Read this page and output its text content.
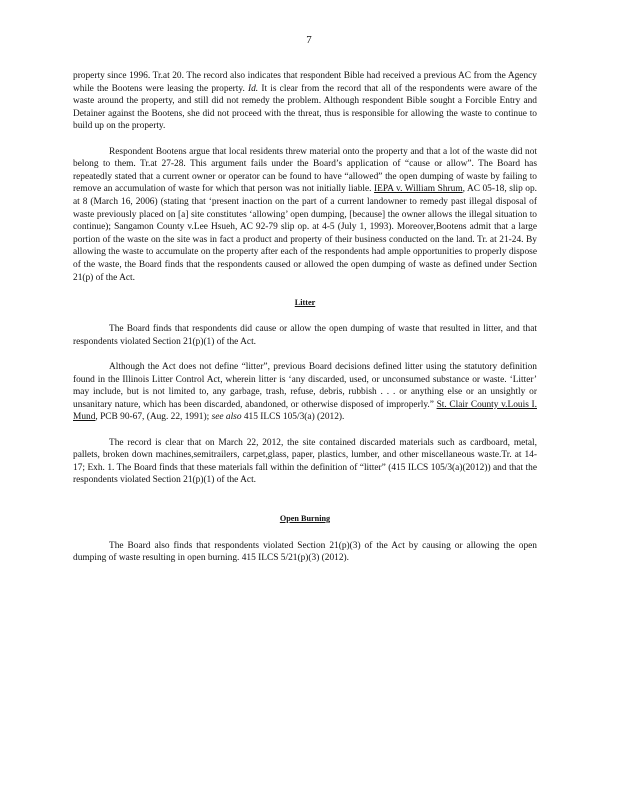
7

property since 1996. Tr.at 20. The record also indicates that respondent Bible had received a previous AC from the Agency while the Bootens were leasing the property. Id. It is clear from the record that all of the respondents were aware of the waste around the property, and still did not remedy the problem. Although respondent Bible sought a Forcible Entry and Detainer against the Bootens, she did not proceed with the threat, thus is responsible for allowing the waste to continue to build up on the property.

Respondent Bootens argue that local residents threw material onto the property and that a lot of the waste did not belong to them. Tr.at 27-28. This argument fails under the Board’s application of “cause or allow”. The Board has repeatedly stated that a current owner or operator can be found to have “allowed” the open dumping of waste by failing to remove an accumulation of waste for which that person was not initially liable. IEPA v. William Shrum, AC 05-18, slip op. at 8 (March 16, 2006) (stating that ‘present inaction on the part of a current landowner to remedy past illegal disposal of waste previously placed on [a] site constitutes ‘allowing’ open dumping, [because] the owner allows the illegal situation to continue); Sangamon County v.Lee Hsueh, AC 92-79 slip op. at 4-5 (July 1, 1993). Moreover,Bootens admit that a large portion of the waste on the site was in fact a product and property of their business conducted on the land. Tr. at 21-24. By allowing the waste to accumulate on the property after each of the respondents had ample opportunities to properly dispose of the waste, the Board finds that the respondents caused or allowed the open dumping of waste as defined under Section 21(p) of the Act.

Litter

The Board finds that respondents did cause or allow the open dumping of waste that resulted in litter, and that respondents violated Section 21(p)(1) of the Act.

Although the Act does not define “litter”, previous Board decisions defined litter using the statutory definition found in the Illinois Litter Control Act, wherein litter is ‘any discarded, used, or unconsumed substance or waste. ‘Litter’ may include, but is not limited to, any garbage, trash, refuse, debris, rubbish . . . or anything else or an unsightly or unsanitary nature, which has been discarded, abandoned, or otherwise disposed of improperly.” St. Clair County v.Louis I. Mund, PCB 90-67, (Aug. 22, 1991); see also 415 ILCS 105/3(a) (2012).

The record is clear that on March 22, 2012, the site contained discarded materials such as cardboard, metal, pallets, broken down machines,semitrailers, carpet,glass, paper, plastics, lumber, and other miscellaneous waste.Tr. at 14-17; Exh. 1. The Board finds that these materials fall within the definition of “litter” (415 ILCS 105/3(a)(2012)) and that the respondents violated Section 21(p)(1) of the Act.

Open Burning

The Board also finds that respondents violated Section 21(p)(3) of the Act by causing or allowing the open dumping of waste resulting in open burning. 415 ILCS 5/21(p)(3) (2012).
